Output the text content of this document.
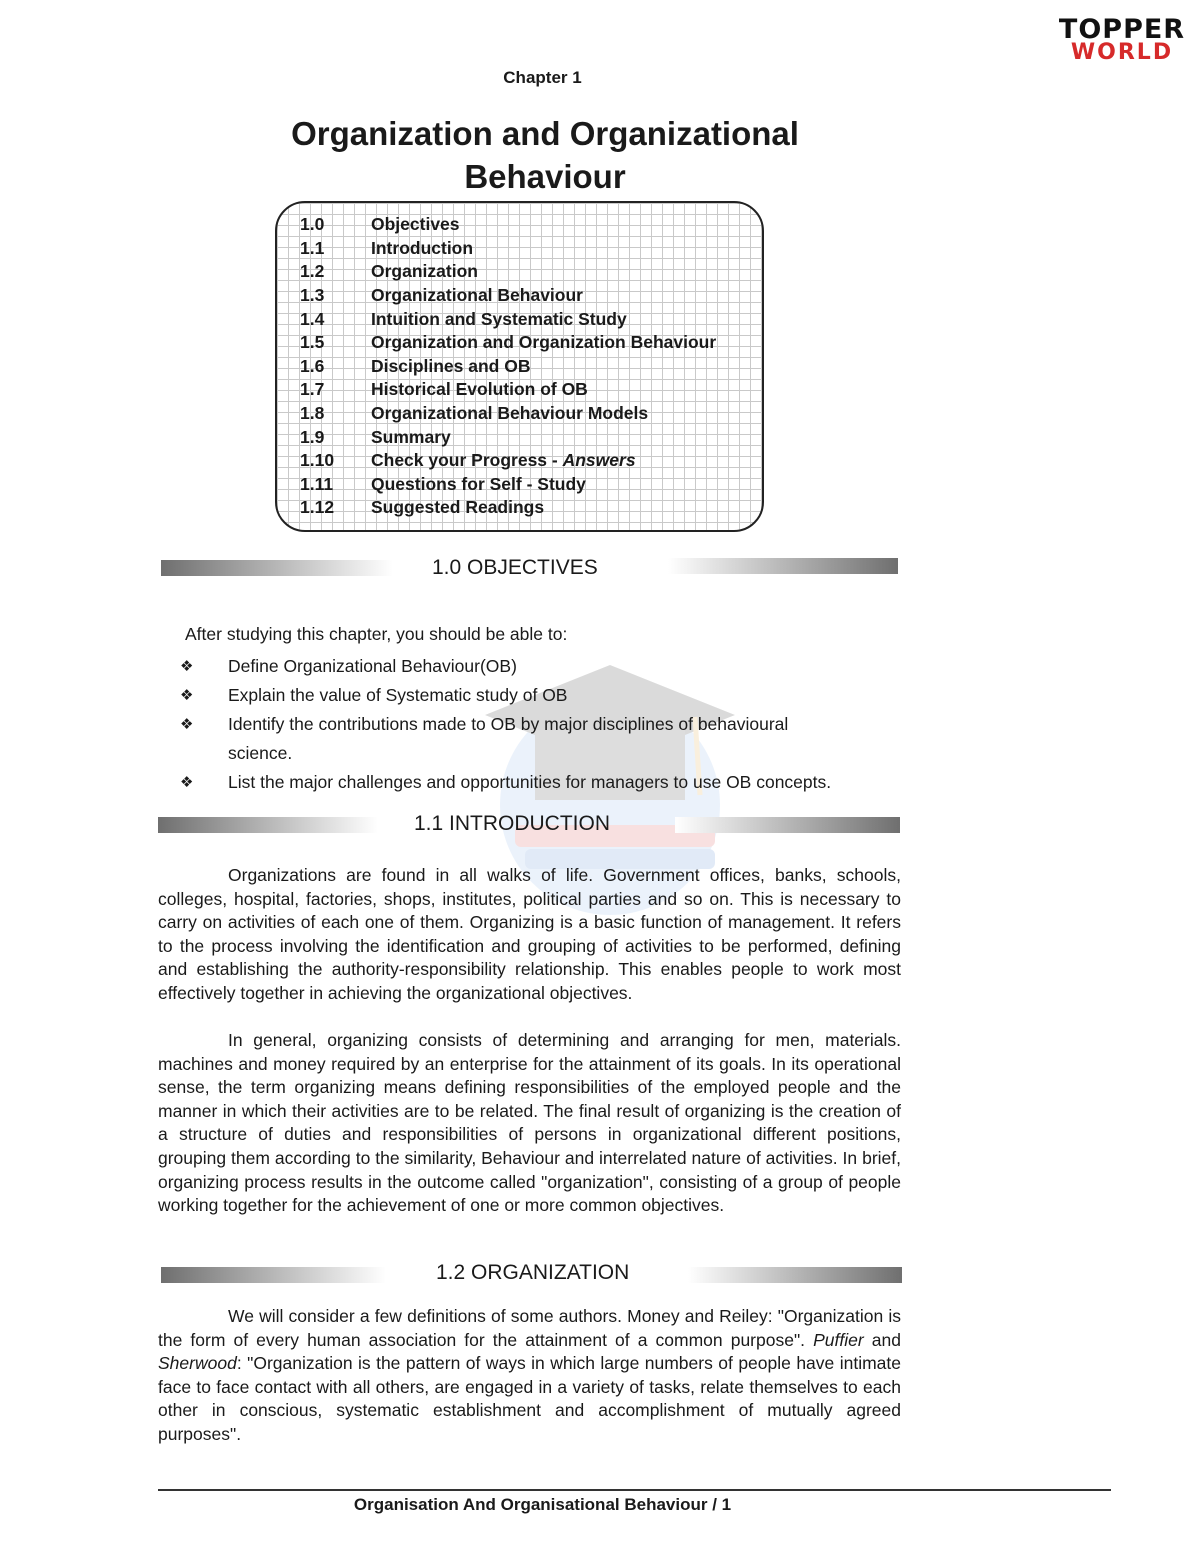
TOPPER
WORLD
Chapter 1
Organization and Organizational
Behaviour
1.0	Objectives
1.1	Introduction
1.2	Organization
1.3	Organizational Behaviour
1.4	Intuition and Systematic Study
1.5	Organization and Organization Behaviour
1.6	Disciplines and OB
1.7	Historical Evolution of OB
1.8	Organizational Behaviour Models
1.9	Summary
1.10	Check your Progress - Answers
1.11	Questions for Self - Study
1.12	Suggested Readings
1.0 OBJECTIVES
After studying this chapter, you should be able to:
❖	Define Organizational Behaviour(OB)
❖	Explain the value of Systematic study of OB
❖	Identify the contributions made to OB by major disciplines of behavioural science.
❖	List the major challenges and opportunities for managers to use OB concepts.
1.1 INTRODUCTION

Organizations are found in all walks of life. Government offices, banks, schools, colleges, hospital, factories, shops, institutes, political parties and so on. This is necessary to carry on activities of each one of them. Organizing is a basic function of management. It refers to the process involving the identification and grouping of activities to be performed, defining and establishing the authority-responsibility relationship. This enables people to work most effectively together in achieving the organizational objectives.

In general, organizing consists of determining and arranging for men, materials. machines and money required by an enterprise for the attainment of its goals. In its operational sense, the term organizing means defining responsibilities of the employed people and the manner in which their activities are to be related. The final result of organizing is the creation of a structure of duties and responsibilities of persons in organizational different positions, grouping them according to the similarity, Behaviour and interrelated nature of activities. In brief, organizing process results in the outcome called "organization", consisting of a group of people working together for the achievement of one or more common objectives.

1.2 ORGANIZATION

We will consider a few definitions of some authors. Money and Reiley: "Organization is the form of every human association for the attainment of a common purpose". Puffier and Sherwood: "Organization is the pattern of ways in which large numbers of people have intimate face to face contact with all others, are engaged in a variety of tasks, relate themselves to each other in conscious, systematic establishment and accomplishment of mutually agreed purposes".

Organisation And Organisational Behaviour / 1
